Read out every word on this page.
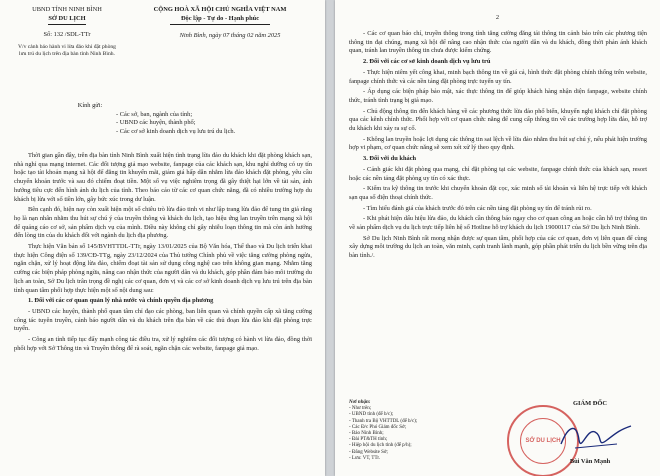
UBND TỈNH NINH BÌNH
SỞ DU LỊCH
Số: 132 /SDL-TTr
V/v cảnh báo hành vi lừa đảo khi đặt phòng lưu trú du lịch trên địa bàn tỉnh Ninh Bình.
CỘNG HOÀ XÃ HỘI CHỦ NGHĨA VIỆT NAM
Độc lập - Tự do - Hạnh phúc
Ninh Bình, ngày 07 tháng 02 năm 2025
Kính gửi:
- Các sở, ban, ngành của tỉnh;
- UBND các huyện, thành phố;
- Các cơ sở kinh doanh dịch vụ lưu trú du lịch.

Thời gian gần đây, trên địa bàn tỉnh Ninh Bình xuất hiện tình trạng lừa đảo du khách khi đặt phòng khách sạn, nhà nghỉ qua mạng internet. Các đối tượng giả mạo website, fanpage của các khách sạn, khu nghỉ dưỡng có uy tín hoặc tạo tài khoản mạng xã hội để đăng tin khuyến mãi, giảm giá hấp dẫn nhằm lừa đảo khách đặt phòng, yêu cầu chuyển khoản trước và sau đó chiếm đoạt tiền. Một số vụ việc nghiêm trọng đã gây thiệt hại lớn về tài sản, ảnh hưởng tiêu cực đến hình ảnh du lịch của tỉnh. Theo báo cáo từ các cơ quan chức năng, đã có nhiều trường hợp du khách bị lừa với số tiền lớn, gây bức xúc trong dư luận.

Bên cạnh đó, hiện nay còn xuất hiện một số chiêu trò lừa đảo tinh vi như lập trang lừa đảo để tung tin giả rằng họ là nạn nhân nhằm thu hút sự chú ý của truyền thông và khách du lịch, tạo hiệu ứng lan truyền trên mạng xã hội để quảng cáo cơ sở, sản phẩm dịch vụ của mình. Điều này không chỉ gây nhiễu loạn thông tin mà còn ảnh hưởng đến lòng tin của du khách đối với ngành du lịch địa phương.

Thực hiện Văn bản số 145/BVHTTDL-TTr, ngày 13/01/2025 của Bộ Văn hóa, Thể thao và Du lịch triển khai thực hiện Công điện số 139/CĐ-TTg, ngày 23/12/2024 của Thủ tướng Chính phủ về việc tăng cường phòng ngừa, ngăn chặn, xử lý hoạt động lừa đảo, chiếm đoạt tài sản sử dụng công nghệ cao trên không gian mạng. Nhằm tăng cường các biện pháp phòng ngừa, nâng cao nhận thức của người dân và du khách, góp phần đảm bảo môi trường du lịch an toàn, Sở Du lịch trân trọng đề nghị các cơ quan, đơn vị và các cơ sở kinh doanh dịch vụ lưu trú trên địa bàn tỉnh quan tâm phối hợp thực hiện một số nội dung sau:

1. Đối với các cơ quan quản lý nhà nước và chính quyền địa phương

- UBND các huyện, thành phố quan tâm chỉ đạo các phòng, ban liên quan và chính quyền cấp xã tăng cường công tác tuyên truyền, cảnh báo người dân và du khách trên địa bàn về các thủ đoạn lừa đảo khi đặt phòng trực tuyến.

- Công an tỉnh tiếp tục đẩy mạnh công tác điều tra, xử lý nghiêm các đối tượng có hành vi lừa đảo, đồng thời phối hợp với Sở Thông tin và Truyền thông để rà soát, ngăn chặn các website, fanpage giả mạo.

2

- Các cơ quan báo chí, truyền thông trong tỉnh tăng cường đăng tải thông tin cảnh báo trên các phương tiện thông tin đại chúng, mạng xã hội để nâng cao nhận thức của người dân và du khách, đồng thời phản ánh khách quan, tránh lan truyền thông tin chưa được kiểm chứng.

2. Đối với các cơ sở kinh doanh dịch vụ lưu trú

- Thực hiện niêm yết công khai, minh bạch thông tin về giá cả, hình thức đặt phòng chính thống trên website, fanpage chính thức và các nền tảng đặt phòng trực tuyến uy tín.

- Áp dụng các biện pháp bảo mật, xác thực thông tin để giúp khách hàng nhận diện fanpage, website chính thức, tránh tình trạng bị giả mạo.

- Chủ động thông tin đến khách hàng về các phương thức lừa đảo phổ biến, khuyến nghị khách chỉ đặt phòng qua các kênh chính thức. Phối hợp với cơ quan chức năng để cung cấp thông tin về các trường hợp lừa đảo, hỗ trợ du khách khi xảy ra sự cố.

- Không lan truyền hoặc lợi dụng các thông tin sai lệch về lừa đảo nhằm thu hút sự chú ý, nếu phát hiện trường hợp vi phạm, cơ quan chức năng sẽ xem xét xử lý theo quy định.

3. Đối với du khách

- Cảnh giác khi đặt phòng qua mạng, chỉ đặt phòng tại các website, fanpage chính thức của khách sạn, resort hoặc các nền tảng đặt phòng uy tín có xác thực.

- Kiểm tra kỹ thông tin trước khi chuyển khoản đặt cọc, xác minh số tài khoản và liên hệ trực tiếp với khách sạn qua số điện thoại chính thức.

- Tìm hiểu đánh giá của khách trước đó trên các nền tảng đặt phòng uy tín để tránh rủi ro.

- Khi phát hiện dấu hiệu lừa đảo, du khách cần thông báo ngay cho cơ quan công an hoặc cần hỗ trợ thông tin về sản phẩm dịch vụ du lịch trực tiếp liên hệ số Hotline hỗ trợ khách du lịch 19000117 của Sở Du lịch Ninh Bình.

Sở Du lịch Ninh Bình rất mong nhận được sự quan tâm, phối hợp của các cơ quan, đơn vị liên quan để cùng xây dựng môi trường du lịch an toàn, văn minh, cạnh tranh lành mạnh, góp phần phát triển du lịch bền vững trên địa bàn tỉnh./.

Nơi nhận:
- Như trên;
- UBND tỉnh (để b/c);
- Thanh tra Bộ VHTTDL (để b/c);
- Các Đ/c Phó Giám đốc Sở;
- Báo Ninh Bình;
- Đài PT&TH tỉnh;
- Hiệp hội du lịch tỉnh (để p/h);
- Đăng Website Sở;
- Lưu: VT, TTr.
GIÁM ĐỐC
SỞ DU LỊCH
Bùi Văn Mạnh
